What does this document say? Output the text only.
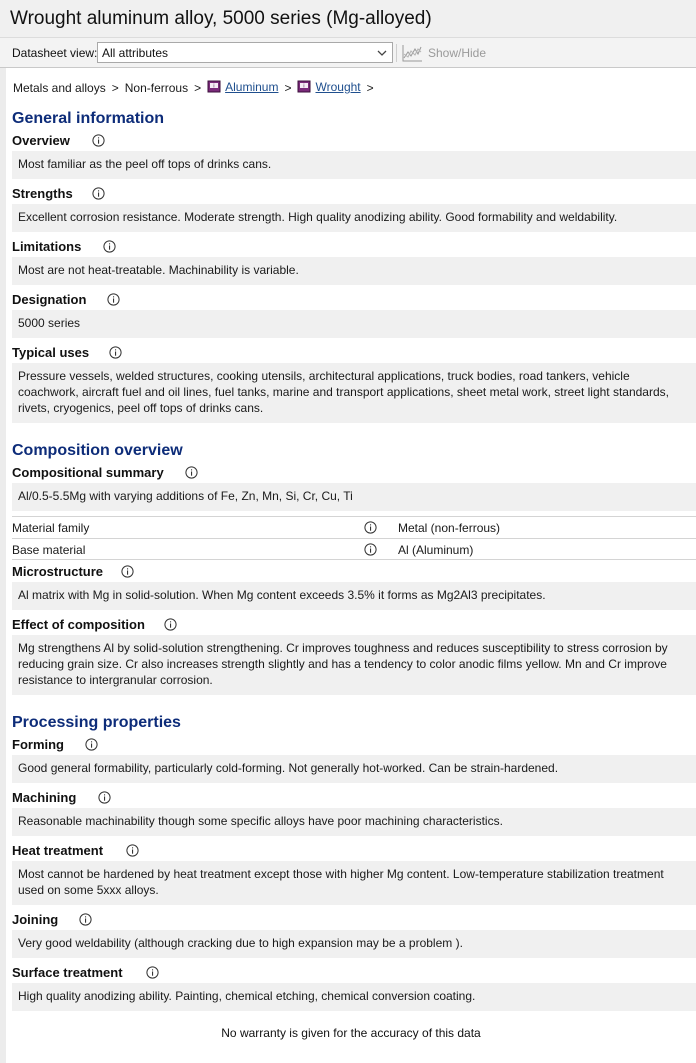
Wrought aluminum alloy, 5000 series (Mg-alloyed)
Datasheet view: All attributes	Show/Hide
Metals and alloys > Non-ferrous > i Aluminum > i Wrought >
General information
Overview
Most familiar as the peel off tops of drinks cans.
Strengths
Excellent corrosion resistance. Moderate strength. High quality anodizing ability. Good formability and weldability.
Limitations
Most are not heat-treatable. Machinability is variable.
Designation
5000 series
Typical uses
Pressure vessels, welded structures, cooking utensils, architectural applications, truck bodies, road tankers, vehicle coachwork, aircraft fuel and oil lines, fuel tanks, marine and transport applications, sheet metal work, street light standards, rivets, cryogenics, peel off tops of drinks cans.
Composition overview
Compositional summary
Al/0.5-5.5Mg with varying additions of Fe, Zn, Mn, Si, Cr, Cu, Ti
Material family	Metal (non-ferrous)
Base material	Al (Aluminum)
Microstructure
Al matrix with Mg in solid-solution. When Mg content exceeds 3.5% it forms as Mg2Al3 precipitates.
Effect of composition
Mg strengthens Al by solid-solution strengthening. Cr improves toughness and reduces susceptibility to stress corrosion by reducing grain size. Cr also increases strength slightly and has a tendency to color anodic films yellow. Mn and Cr improve resistance to intergranular corrosion.
Processing properties
Forming
Good general formability, particularly cold-forming. Not generally hot-worked. Can be strain-hardened.
Machining
Reasonable machinability though some specific alloys have poor machining characteristics.
Heat treatment
Most cannot be hardened by heat treatment except those with higher Mg content. Low-temperature stabilization treatment used on some 5xxx alloys.
Joining
Very good weldability (although cracking due to high expansion may be a problem ).
Surface treatment
High quality anodizing ability. Painting, chemical etching, chemical conversion coating.
No warranty is given for the accuracy of this data
